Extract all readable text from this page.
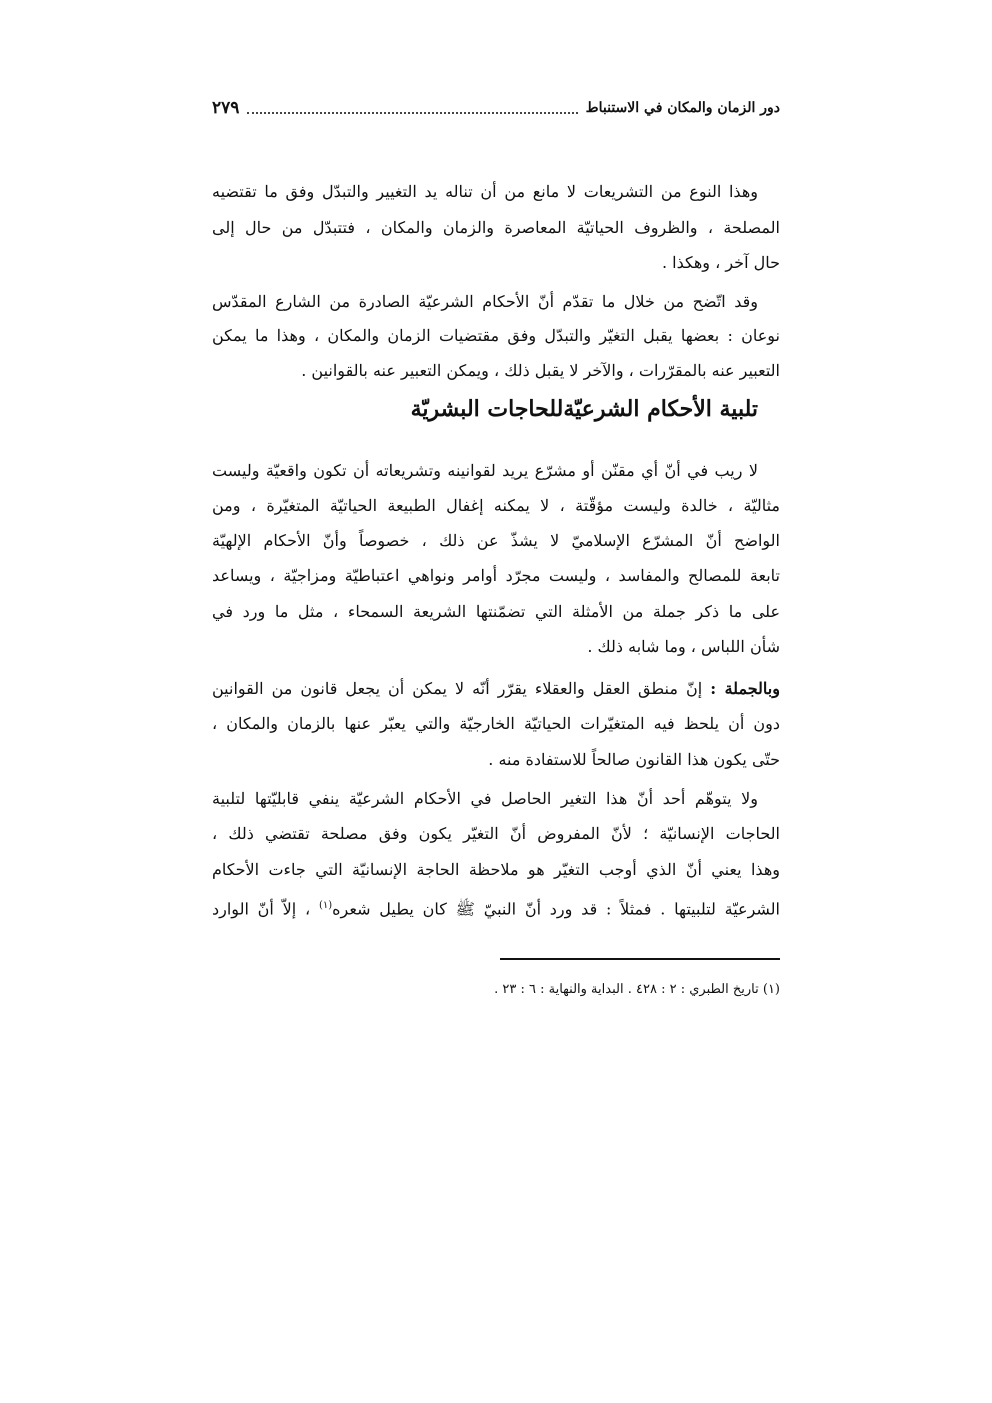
دور الزمان والمكان في الاستنباط
٢٧٩
وهذا النوع من التشريعات لا مانع من أن تناله يد التغيير والتبدّل وفق ما تقتضيه
المصلحة ، والظروف الحياتيّة المعاصرة والزمان والمكان ، فتتبدّل من حال إلى
حال آخر ، وهكذا .
وقد اتّضح من خلال ما تقدّم أنّ الأحكام الشرعيّة الصادرة من الشارع المقدّس
نوعان : بعضها يقبل التغيّر والتبدّل وفق مقتضيات الزمان والمكان ، وهذا ما يمكن
التعبير عنه بالمقرّرات ، والآخر لا يقبل ذلك ، ويمكن التعبير عنه بالقوانين .
تلبية الأحكام الشرعيّةللحاجات البشريّة
لا ريب في أنّ أي مقنّن أو مشرّع يريد لقوانينه وتشريعاته أن تكون واقعيّة وليست
مثاليّة ، خالدة وليست مؤقّتة ، لا يمكنه إغفال الطبيعة الحياتيّة المتغيّرة ، ومن
الواضح أنّ المشرّع الإسلاميّ لا يشذّ عن ذلك ، خصوصاً وأنّ الأحكام الإلهيّة
تابعة للمصالح والمفاسد ، وليست مجرّد أوامر ونواهي اعتباطيّة ومزاجيّة ، ويساعد
على ما ذكر جملة من الأمثلة التي تضمّنتها الشريعة السمحاء ، مثل ما ورد في
شأن اللباس ، وما شابه ذلك .
وبالجملة : إنّ منطق العقل والعقلاء يقرّر أنّه لا يمكن أن يجعل قانون من القوانين
دون أن يلحظ فيه المتغيّرات الحياتيّة الخارجيّة والتي يعبّر عنها بالزمان والمكان ،
حتّى يكون هذا القانون صالحاً للاستفادة منه .
ولا يتوهّم أحد أنّ هذا التغير الحاصل في الأحكام الشرعيّة ينفي قابليّتها لتلبية
الحاجات الإنسانيّة ؛ لأنّ المفروض أنّ التغيّر يكون وفق مصلحة تقتضي ذلك ،
وهذا يعني أنّ الذي أوجب التغيّر هو ملاحظة الحاجة الإنسانيّة التي جاءت الأحكام
الشرعيّة لتلبيتها . فمثلاً : قد ورد أنّ النبيّ ﷺ كان يطيل شعره$^{(١)}$ ، إلاّ أنّ الوارد
(١) تاريخ الطبري : ٢ : ٤٢٨ . البداية والنهاية : ٦ : ٢٣ .
